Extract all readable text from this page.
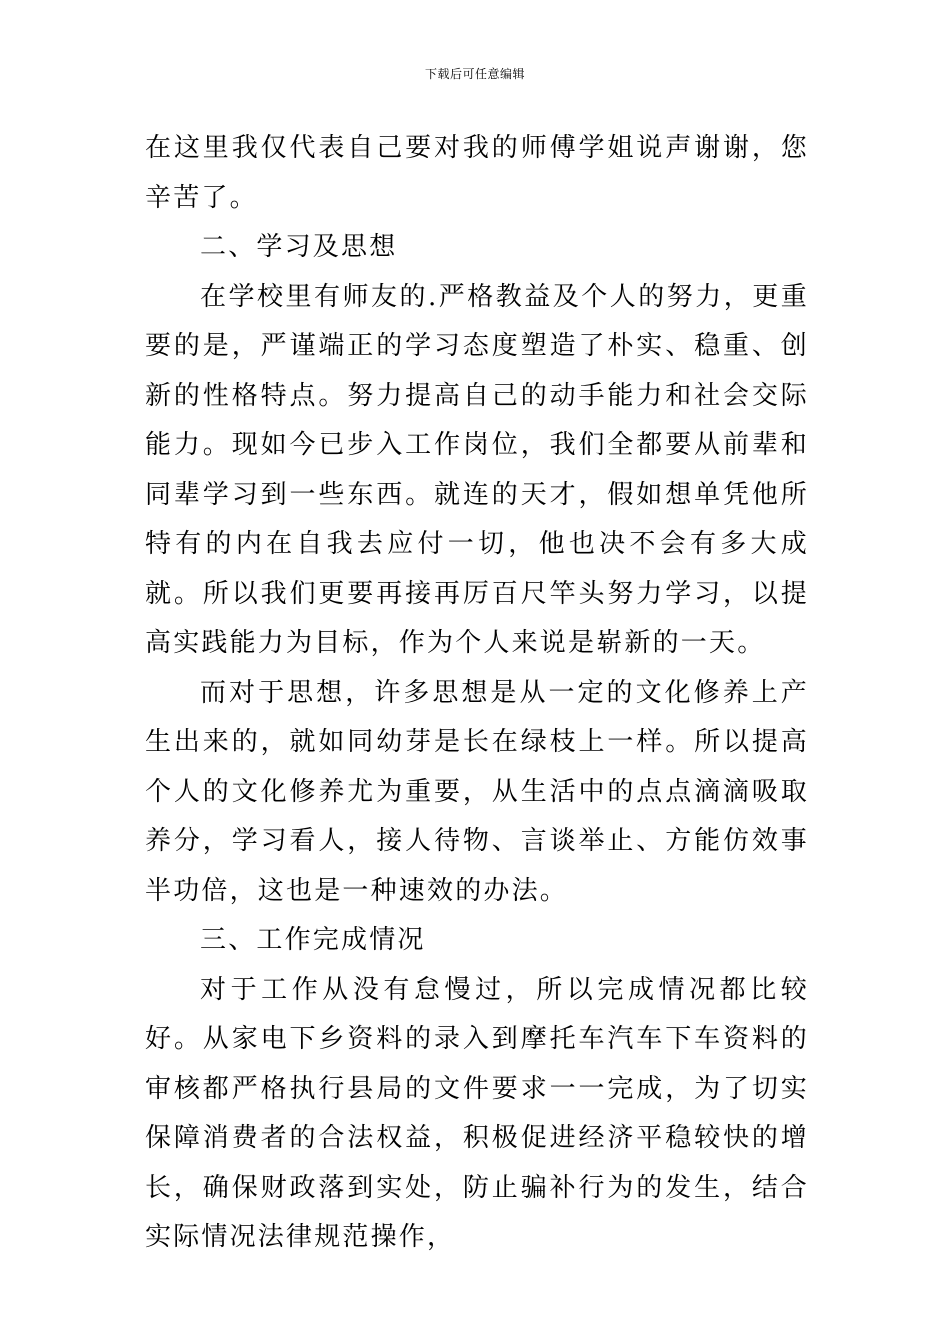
下载后可任意编辑

在这里我仅代表自己要对我的师傅学姐说声谢谢，您辛苦了。

二、学习及思想

在学校里有师友的.严格教益及个人的努力，更重要的是，严谨端正的学习态度塑造了朴实、稳重、创新的性格特点。努力提高自己的动手能力和社会交际能力。现如今已步入工作岗位，我们全都要从前辈和同辈学习到一些东西。就连的天才，假如想单凭他所特有的内在自我去应付一切，他也决不会有多大成就。所以我们更要再接再厉百尺竿头努力学习，以提高实践能力为目标，作为个人来说是崭新的一天。

而对于思想，许多思想是从一定的文化修养上产生出来的，就如同幼芽是长在绿枝上一样。所以提高个人的文化修养尤为重要，从生活中的点点滴滴吸取养分，学习看人，接人待物、言谈举止、方能仿效事半功倍，这也是一种速效的办法。

三、工作完成情况

对于工作从没有怠慢过，所以完成情况都比较好。从家电下乡资料的录入到摩托车汽车下车资料的审核都严格执行县局的文件要求一一完成，为了切实保障消费者的合法权益，积极促进经济平稳较快的增长，确保财政落到实处，防止骗补行为的发生，结合实际情况法律规范操作，
